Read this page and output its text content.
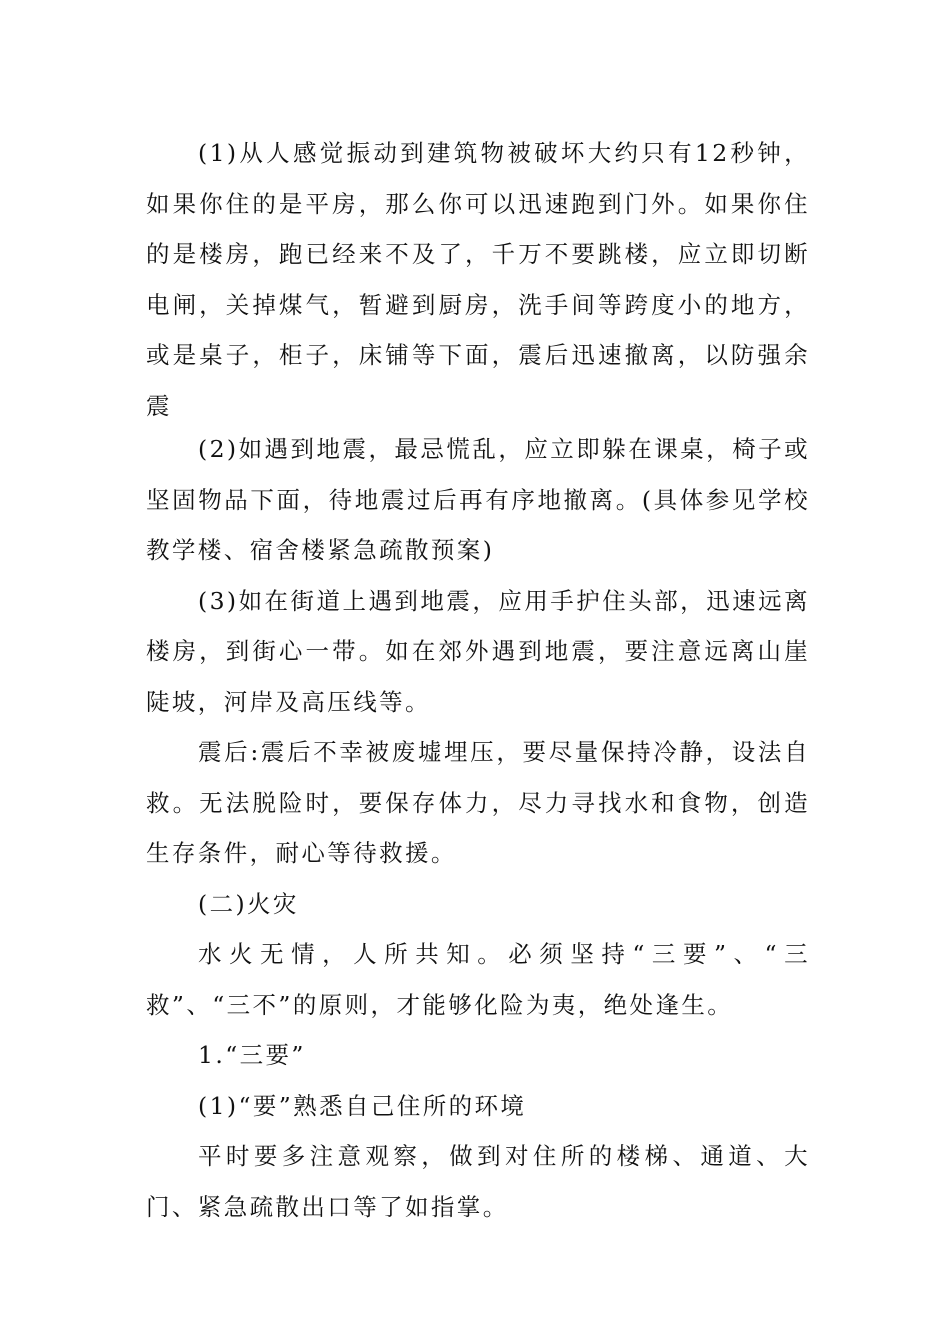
(1)从人感觉振动到建筑物被破坏大约只有12秒钟，如果你住的是平房，那么你可以迅速跑到门外。如果你住的是楼房，跑已经来不及了，千万不要跳楼，应立即切断电闸，关掉煤气，暂避到厨房，洗手间等跨度小的地方，或是桌子，柜子，床铺等下面，震后迅速撤离，以防强余震

(2)如遇到地震，最忌慌乱，应立即躲在课桌，椅子或坚固物品下面，待地震过后再有序地撤离。(具体参见学校教学楼、宿舍楼紧急疏散预案)

(3)如在街道上遇到地震，应用手护住头部，迅速远离楼房，到街心一带。如在郊外遇到地震，要注意远离山崖陡坡，河岸及高压线等。

震后:震后不幸被废墟埋压，要尽量保持冷静，设法自救。无法脱险时，要保存体力，尽力寻找水和食物，创造生存条件，耐心等待救援。

(二)火灾

水火无情，人所共知。必须坚持“三要”、“三救”、“三不”的原则，才能够化险为夷，绝处逢生。

1.“三要”

(1)“要”熟悉自己住所的环境

平时要多注意观察，做到对住所的楼梯、通道、大门、紧急疏散出口等了如指掌。
